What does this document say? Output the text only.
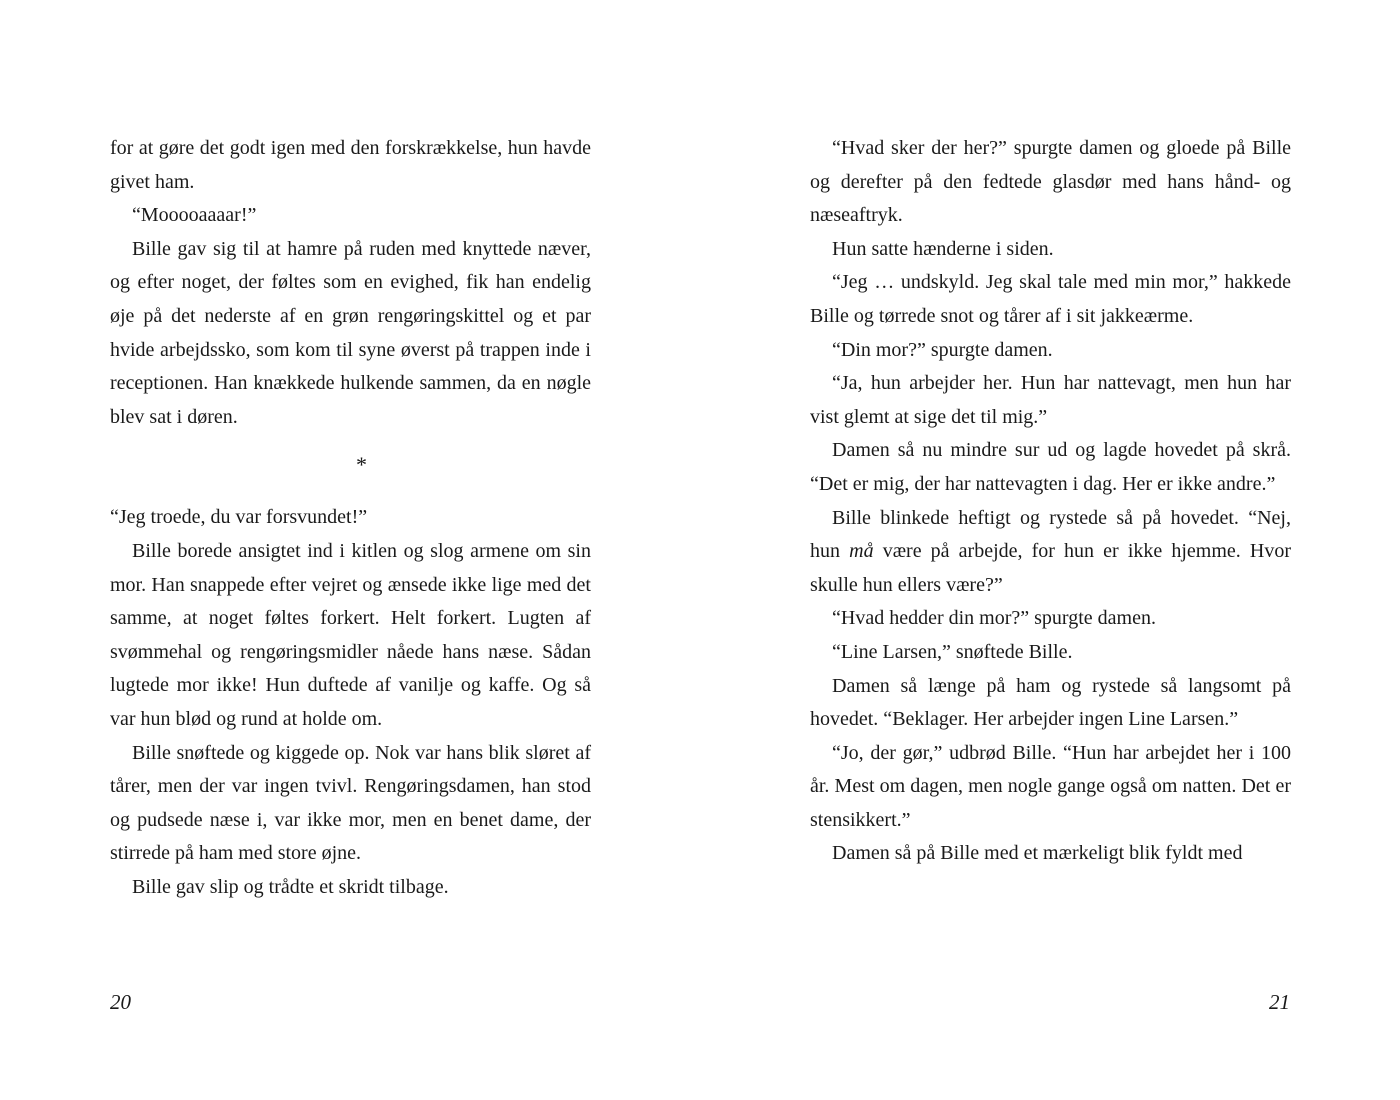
for at gøre det godt igen med den forskrækkelse, hun havde givet ham.

“Mooooaaaar!”

Bille gav sig til at hamre på ruden med knyttede næver, og efter noget, der føltes som en evighed, fik han endelig øje på det nederste af en grøn rengøringskittel og et par hvide arbejdssko, som kom til syne øverst på trappen inde i receptionen. Han knækkede hulkende sammen, da en nøgle blev sat i døren.

*

“Jeg troede, du var forsvundet!”

Bille borede ansigtet ind i kitlen og slog armene om sin mor. Han snappede efter vejret og ænsede ikke lige med det samme, at noget føltes forkert. Helt forkert. Lugten af svømmehal og rengøringsmidler nåede hans næse. Sådan lugtede mor ikke! Hun duftede af vanilje og kaffe. Og så var hun blød og rund at holde om.

Bille snøftede og kiggede op. Nok var hans blik sløret af tårer, men der var ingen tvivl. Rengøringsdamen, han stod og pudsede næse i, var ikke mor, men en benet dame, der stirrede på ham med store øjne.

Bille gav slip og trådte et skridt tilbage.

“Hvad sker der her?” spurgte damen og gloede på Bille og derefter på den fedtede glasdør med hans hånd- og næseaftryk.

Hun satte hænderne i siden.

“Jeg … undskyld. Jeg skal tale med min mor,” hakkede Bille og tørrede snot og tårer af i sit jakkeærme.

“Din mor?” spurgte damen.

“Ja, hun arbejder her. Hun har nattevagt, men hun har vist glemt at sige det til mig.”

Damen så nu mindre sur ud og lagde hovedet på skrå. “Det er mig, der har nattevagten i dag. Her er ikke andre.”

Bille blinkede heftigt og rystede så på hovedet. “Nej, hun må være på arbejde, for hun er ikke hjemme. Hvor skulle hun ellers være?”

“Hvad hedder din mor?” spurgte damen.

“Line Larsen,” snøftede Bille.

Damen så længe på ham og rystede så langsomt på hovedet. “Beklager. Her arbejder ingen Line Larsen.”

“Jo, der gør,” udbrød Bille. “Hun har arbejdet her i 100 år. Mest om dagen, men nogle gange også om natten. Det er stensikkert.”

Damen så på Bille med et mærkeligt blik fyldt med

20	21
